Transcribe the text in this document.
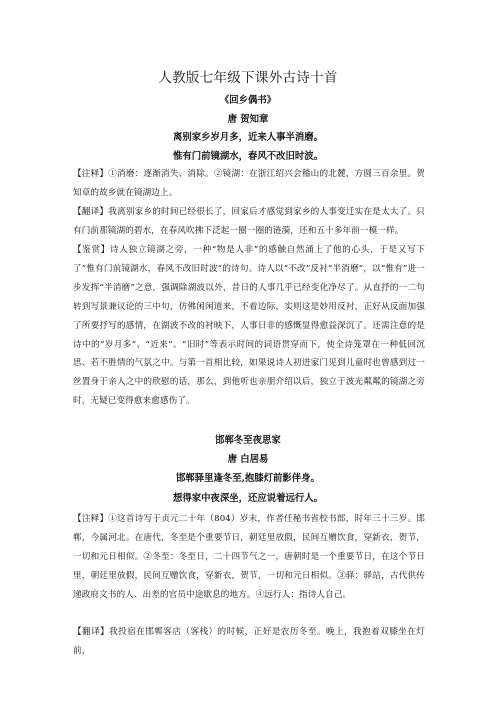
人教版七年级下课外古诗十首
《回乡偶书》
唐 贺知章
离别家乡岁月多，近来人事半消磨。
惟有门前镜湖水，春风不改旧时波。
【注释】①消磨：逐渐消失、消除。②镜湖：在浙江绍兴会稽山的北麓，方圆三百余里。贺知章的故乡就在镜湖边上。
【翻译】我离别家乡的时间已经很长了，回家后才感觉到家乡的人事变迁实在是太大了。只有门前那镜湖的碧水，在春风吹拂下泛起一圈一圈的涟漪，还和五十多年前一模一样。
【鉴赏】诗人独立镜湖之旁，一种“物是人非”的感触自然涌上了他的心头，于是又写下了“惟有门前镜湖水，春风不改旧时波”的诗句。诗人以“不改”反衬“半消磨”，以“惟有”进一步发挥“半消磨”之意，强调除湖波以外，昔日的人事几乎已经变化净尽了。从直抒的一二句转到写景兼议论的三中句，仿佛闲闲道来，不着边际，实则这是妙用反衬，正好从反面加强了所要抒写的感情，在湖波不改的衬映下，人事日非的感慨显得愈益深沉了。还需注意的是诗中的“岁月多”、“近来”、“旧时”等表示时间的词语贯穿而下，使全诗笼罩在一种低回沉思、若不胜情的气氛之中。与第一首相比较，如果说诗人初进家门见到儿童时也曾感到过一丝置身于亲人之中的欣慰的话，那么，到他听也亲朋介绍以后，独立于波光粼粼的镜湖之旁时，无疑已变得愈来愈感伤了。
邯郸冬至夜思家
唐 白居易
邯郸驿里逢冬至,抱膝灯前影伴身。
想得家中夜深坐，还应说着远行人。
【注释】①这首诗写于贞元二十年（804）岁末，作者任秘书省校书郎，时年三十三岁。邯郸，今属河北。在唐代，冬至是个重要节日，朝廷里放假，民间互赠饮食，穿新衣，贺节，一切和元日相似。②冬至：冬至日，二十四节气之一，唐朝时是一个重要节日，在这个节日里，朝廷里放假，民间互赠饮食，穿新衣，贺节，一切和元日相似。③驿：驿站，古代供传递政府文书的人、出差的官员中途歇息的地方。④远行人：指诗人自己。
【翻译】我投宿在邯郸客店（客栈）的时候，正好是农历冬至。晚上，我抱着双膝坐在灯前，
